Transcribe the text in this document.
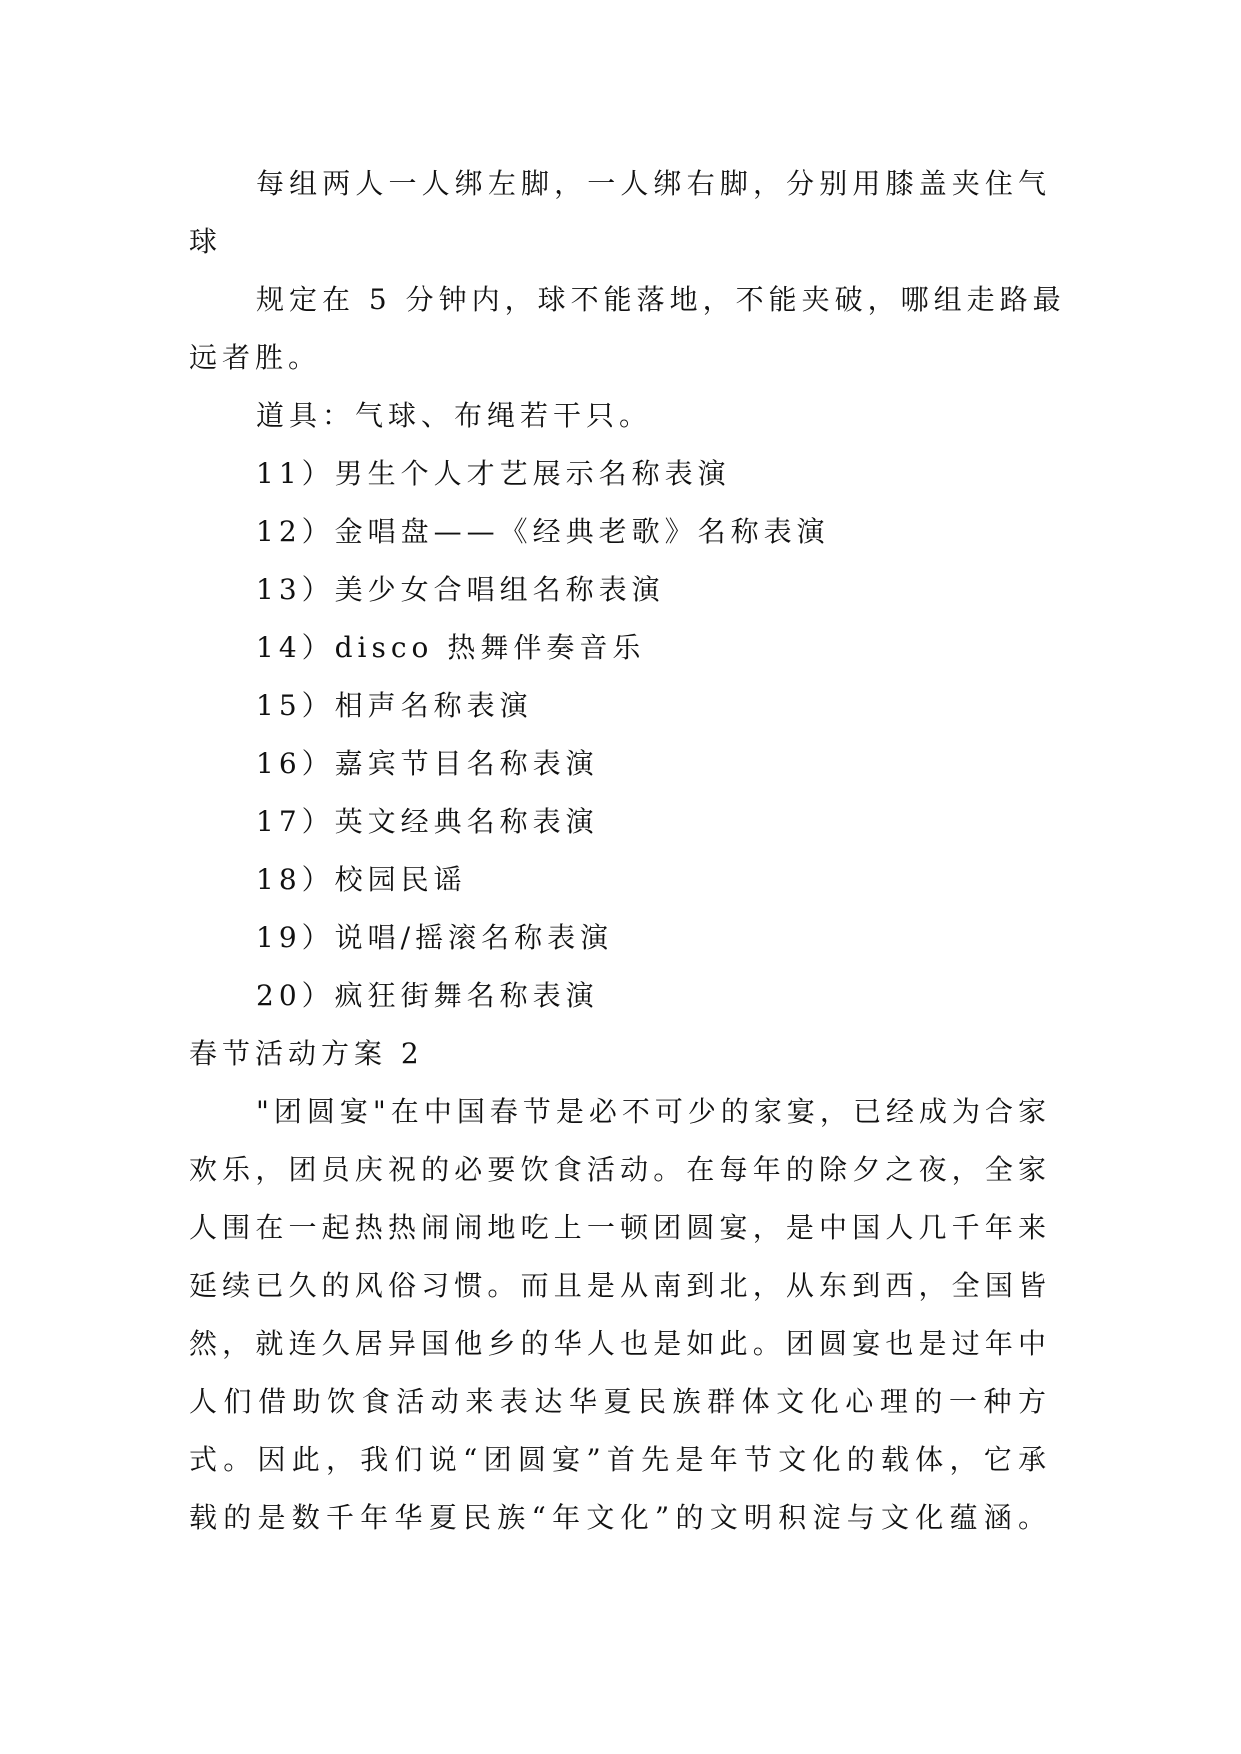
每组两人一人绑左脚，一人绑右脚，分别用膝盖夹住气
球
规定在 5 分钟内，球不能落地，不能夹破，哪组走路最
远者胜。
道具：气球、布绳若干只。
11）男生个人才艺展示名称表演
12）金唱盘——《经典老歌》名称表演
13）美少女合唱组名称表演
14）disco 热舞伴奏音乐
15）相声名称表演
16）嘉宾节目名称表演
17）英文经典名称表演
18）校园民谣
19）说唱/摇滚名称表演
20）疯狂街舞名称表演
春节活动方案 2
"团圆宴"在中国春节是必不可少的家宴，已经成为合家
欢乐，团员庆祝的必要饮食活动。在每年的除夕之夜，全家
人围在一起热热闹闹地吃上一顿团圆宴，是中国人几千年来
延续已久的风俗习惯。而且是从南到北，从东到西，全国皆
然，就连久居异国他乡的华人也是如此。团圆宴也是过年中
人们借助饮食活动来表达华夏民族群体文化心理的一种方
式。因此，我们说“团圆宴”首先是年节文化的载体，它承
载的是数千年华夏民族“年文化”的文明积淀与文化蕴涵。
